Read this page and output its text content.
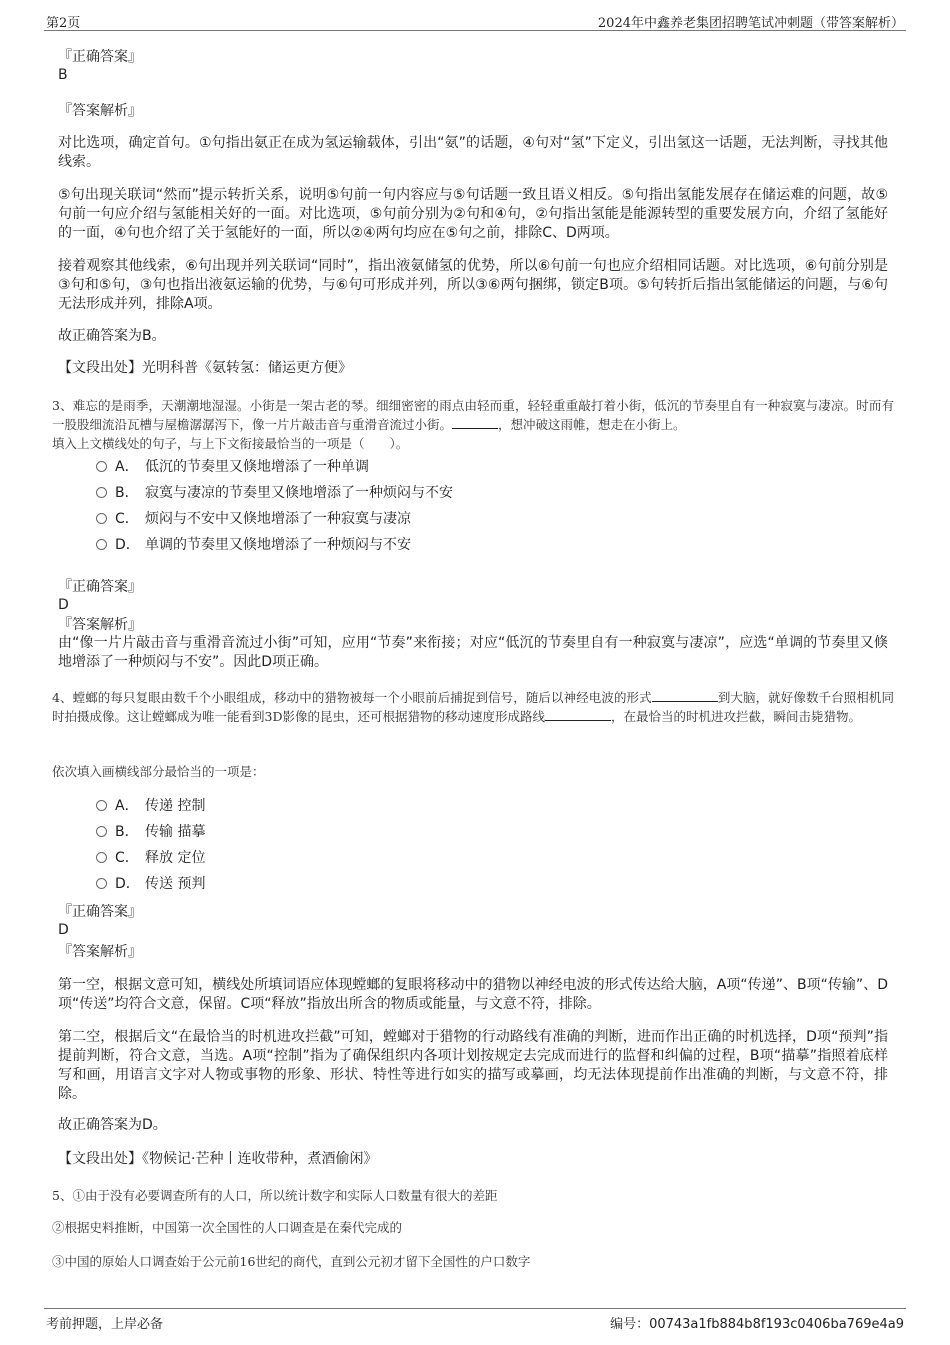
第2页	2024年中鑫养老集团招聘笔试冲刺题（带答案解析）
『正确答案』
B
『答案解析』
对比选项，确定首句。①句指出氨正在成为氢运输载体，引出“氨”的话题，④句对“氢”下定义，引出氢这一话题，无法判断，寻找其他线索。
⑤句出现关联词“然而”提示转折关系，说明⑤句前一句内容应与⑤句话题一致且语义相反。⑤句指出氢能发展存在储运难的问题，故⑤句前一句应介绍与氢能相关好的一面。对比选项，⑤句前分别为②句和④句，②句指出氢能是能源转型的重要发展方向，介绍了氢能好的一面，④句也介绍了关于氢能好的一面，所以②④两句均应在⑤句之前，排除C、D两项。
接着观察其他线索，⑥句出现并列关联词“同时”，指出液氨储氢的优势，所以⑥句前一句也应介绍相同话题。对比选项，⑥句前分别是③句和⑤句，③句也指出液氨运输的优势，与⑥句可形成并列，所以③⑥两句捆绑，锁定B项。⑤句转折后指出氢能储运的问题，与⑥句无法形成并列，排除A项。
故正确答案为B。
【文段出处】光明科普《氨转氢：储运更方便》
3、难忘的是雨季，天潮潮地湿湿。小街是一架古老的琴。细细密密的雨点由轻而重，轻轻重重敲打着小街，低沉的节奏里自有一种寂寞与凄凉。时而有一股股细流沿瓦槽与屋檐潺潺泻下，像一片片敲击音与重滑音流过小街。	，想冲破这雨帷，想走在小街上。
填入上文横线处的句子，与上下文衔接最恰当的一项是（　　）。
A． 低沉的节奏里又倏地增添了一种单调
B． 寂寞与凄凉的节奏里又倏地增添了一种烦闷与不安
C． 烦闷与不安中又倏地增添了一种寂寞与凄凉
D． 单调的节奏里又倏地增添了一种烦闷与不安
『正确答案』
D
『答案解析』
由“像一片片敲击音与重滑音流过小街”可知，应用“节奏”来衔接；对应“低沉的节奏里自有一种寂寞与凄凉”，应选“单调的节奏里又倏地增添了一种烦闷与不安”。因此D项正确。
4、螳螂的每只复眼由数千个小眼组成，移动中的猎物被每一个小眼前后捕捉到信号，随后以神经电波的形式	到大脑，就好像数千台照相机同时拍摄成像。这让螳螂成为唯一能看到3D影像的昆虫，还可根据猎物的移动速度形成路线	，在最恰当的时机进攻拦截，瞬间击毙猎物。
依次填入画横线部分最恰当的一项是：
A． 传递 控制
B． 传输 描摹
C． 释放 定位
D． 传送 预判
『正确答案』
D
『答案解析』
第一空，根据文意可知，横线处所填词语应体现螳螂的复眼将移动中的猎物以神经电波的形式传达给大脑，A项“传递”、B项“传输”、D项“传送”均符合文意，保留。C项“释放”指放出所含的物质或能量，与文意不符，排除。
第二空，根据后文“在最恰当的时机进攻拦截”可知，螳螂对于猎物的行动路线有准确的判断，进而作出正确的时机选择，D项“预判”指提前判断，符合文意，当选。A项“控制”指为了确保组织内各项计划按规定去完成而进行的监督和纠偏的过程，B项“描摹”指照着底样写和画，用语言文字对人物或事物的形象、形状、特性等进行如实的描写或摹画，均无法体现提前作出准确的判断，与文意不符，排除。
故正确答案为D。
【文段出处】《物候记·芒种丨连收带种，煮酒偷闲》
5、①由于没有必要调查所有的人口，所以统计数字和实际人口数量有很大的差距
②根据史料推断，中国第一次全国性的人口调查是在秦代完成的
③中国的原始人口调查始于公元前16世纪的商代，直到公元初才留下全国性的户口数字
考前押题，上岸必备	编号：00743a1fb884b8f193c0406ba769e4a9
